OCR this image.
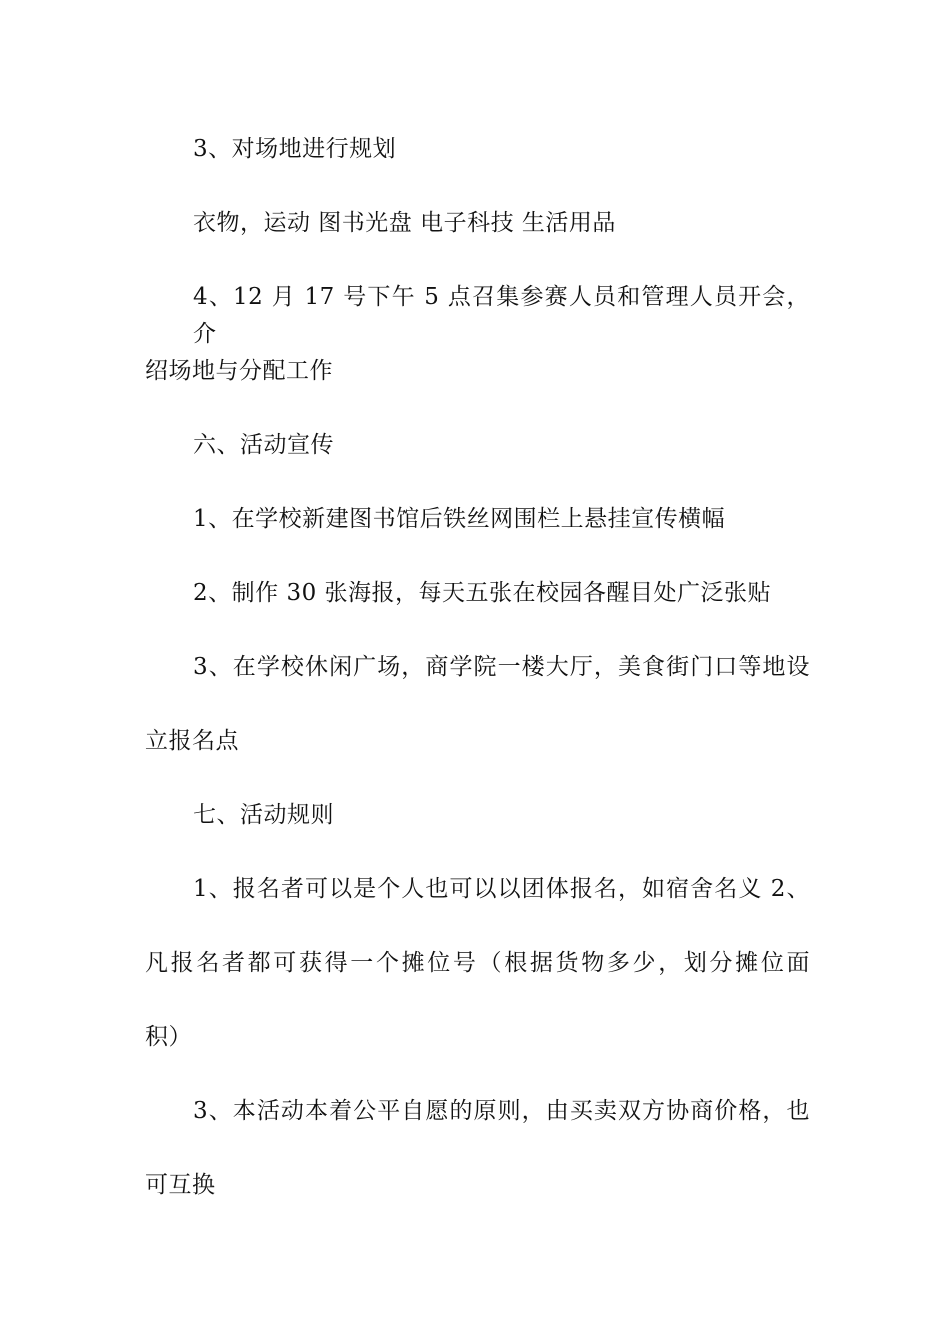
3、对场地进行规划

衣物，运动 图书光盘 电子科技 生活用品

4、12 月 17 号下午 5 点召集参赛人员和管理人员开会，介

绍场地与分配工作

六、活动宣传

1、在学校新建图书馆后铁丝网围栏上悬挂宣传横幅

2、制作 30 张海报，每天五张在校园各醒目处广泛张贴

3、在学校休闲广场，商学院一楼大厅，美食街门口等地设

立报名点

七、活动规则

1、报名者可以是个人也可以以团体报名，如宿舍名义 2、

凡报名者都可获得一个摊位号（根据货物多少，划分摊位面

积）

3、本活动本着公平自愿的原则，由买卖双方协商价格，也

可互换
